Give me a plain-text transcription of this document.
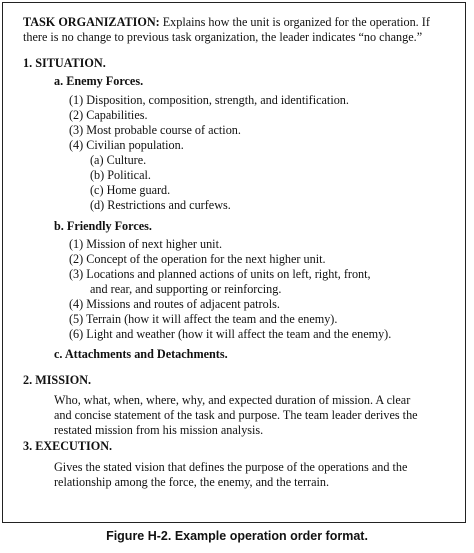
TASK ORGANIZATION: Explains how the unit is organized for the operation. If
there is no change to previous task organization, the leader indicates “no change.”
1. SITUATION.
a. Enemy Forces.
(1) Disposition, composition, strength, and identification.
(2) Capabilities.
(3) Most probable course of action.
(4) Civilian population.
(a) Culture.
(b) Political.
(c) Home guard.
(d) Restrictions and curfews.
b. Friendly Forces.
(1) Mission of next higher unit.
(2) Concept of the operation for the next higher unit.
(3) Locations and planned actions of units on left, right, front,
and rear, and supporting or reinforcing.
(4) Missions and routes of adjacent patrols.
(5) Terrain (how it will affect the team and the enemy).
(6) Light and weather (how it will affect the team and the enemy).
c. Attachments and Detachments.
2. MISSION.
Who, what, when, where, why, and expected duration of mission. A clear
and concise statement of the task and purpose. The team leader derives the
restated mission from his mission analysis.
3. EXECUTION.
Gives the stated vision that defines the purpose of the operations and the
relationship among the force, the enemy, and the terrain.
Figure H-2. Example operation order format.
